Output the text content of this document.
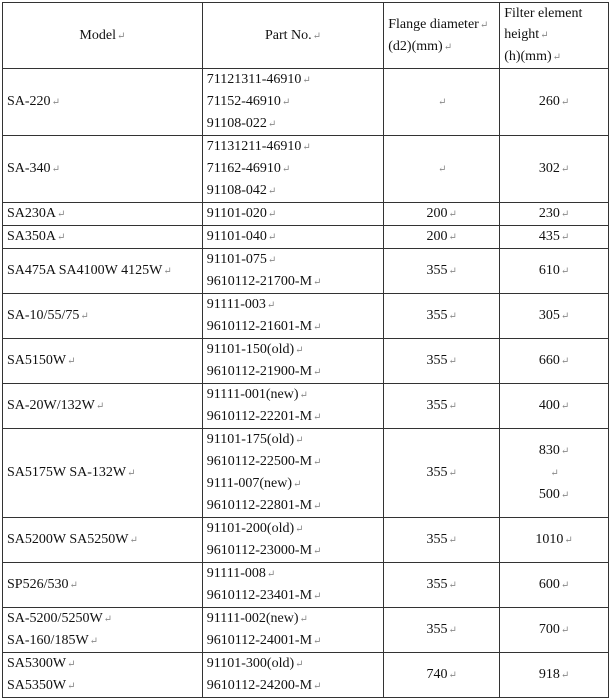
Model↵	Part No.↵	Flange diameter↵
(d2)(mm)↵	Filter element
height↵
(h)(mm)↵

SA-220↵	71121311-46910↵
71152-46910↵
91108-022↵	↵	260↵

SA-340↵	71131211-46910↵
71162-46910↵
91108-042↵	↵	302↵

SA230A↵	91101-020↵	200↵	230↵

SA350A↵	91101-040↵	200↵	435↵

SA475A SA4100W 4125W↵	91101-075↵
9610112-21700-M↵	355↵	610↵

SA-10/55/75↵	91111-003↵
9610112-21601-M↵	355↵	305↵

SA5150W↵	91101-150(old)↵
9610112-21900-M↵	355↵	660↵

SA-20W/132W↵	91111-001(new)↵
9610112-22201-M↵	355↵	400↵

SA5175W SA-132W↵	91101-175(old)↵
9610112-22500-M↵
9111-007(new)↵
9610112-22801-M↵	355↵	830↵
↵
500↵

SA5200W SA5250W↵	91101-200(old)↵
9610112-23000-M↵	355↵	1010↵

SP526/530↵	91111-008↵
9610112-23401-M↵	355↵	600↵

SA-5200/5250W↵
SA-160/185W↵	91111-002(new)↵
9610112-24001-M↵	355↵	700↵

SA5300W↵
SA5350W↵	91101-300(old)↵
9610112-24200-M↵	740↵	918↵
